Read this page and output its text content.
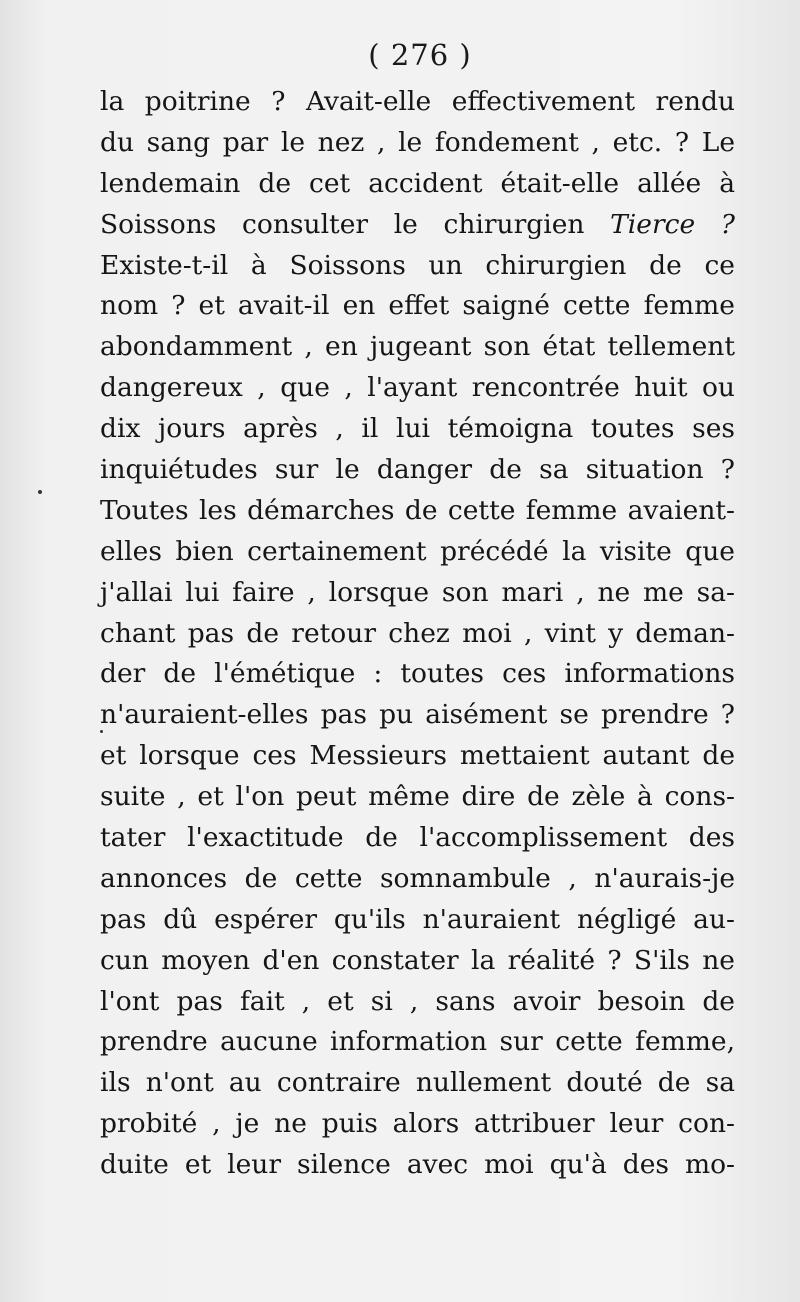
( 276 )
la poitrine ? Avait-elle effectivement rendu
du sang par le nez , le fondement , etc. ? Le
lendemain de cet accident était-elle allée à
Soissons consulter le chirurgien Tierce ?
Existe-t-il à Soissons un chirurgien de ce
nom ? et avait-il en effet saigné cette femme
abondamment , en jugeant son état tellement
dangereux , que , l'ayant rencontrée huit ou
dix jours après , il lui témoigna toutes ses
inquiétudes sur le danger de sa situation ?
Toutes les démarches de cette femme avaient-
elles bien certainement précédé la visite que
j'allai lui faire , lorsque son mari , ne me sa-
chant pas de retour chez moi , vint y deman-
der de l'émétique : toutes ces informations
n'auraient-elles pas pu aisément se prendre ?
et lorsque ces Messieurs mettaient autant de
suite , et l'on peut même dire de zèle à cons-
tater l'exactitude de l'accomplissement des
annonces de cette somnambule , n'aurais-je
pas dû espérer qu'ils n'auraient négligé au-
cun moyen d'en constater la réalité ? S'ils ne
l'ont pas fait , et si , sans avoir besoin de
prendre aucune information sur cette femme,
ils n'ont au contraire nullement douté de sa
probité , je ne puis alors attribuer leur con-
duite et leur silence avec moi qu'à des mo-
